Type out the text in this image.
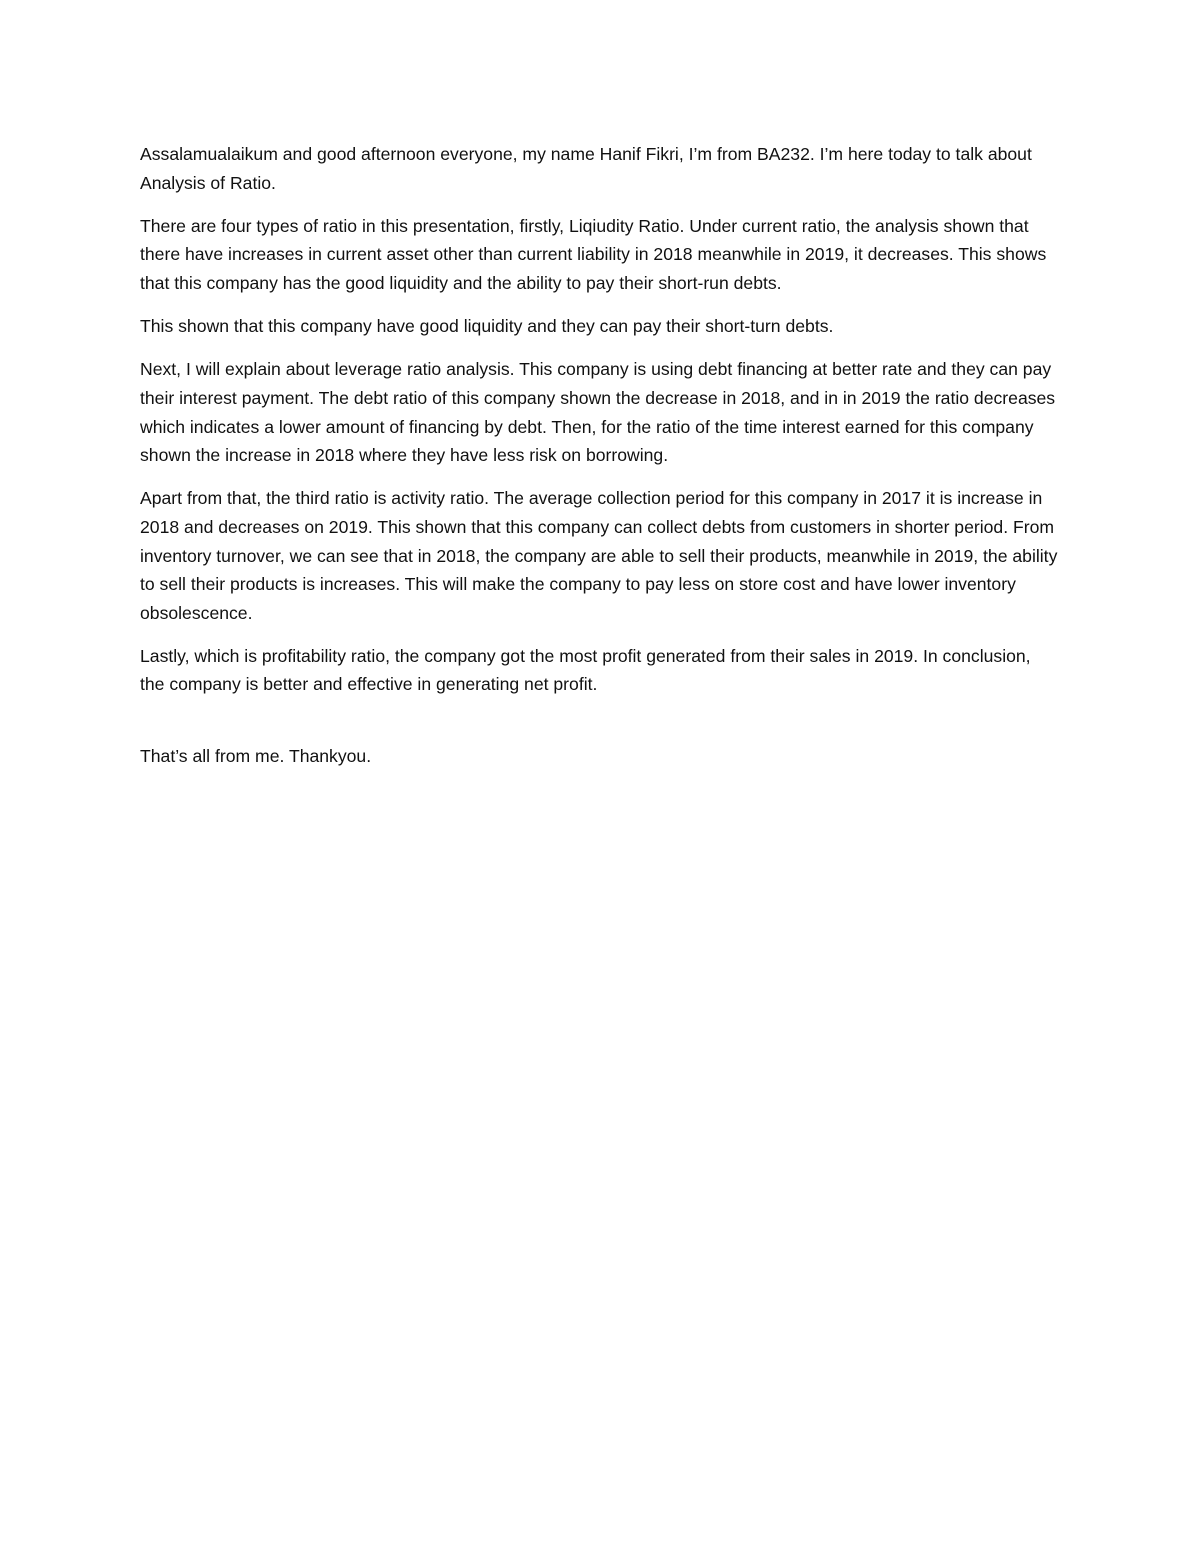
Assalamualaikum and good afternoon everyone, my name Hanif Fikri, I’m from BA232. I’m here today to talk about Analysis of Ratio.

There are four types of ratio in this presentation, firstly, Liqiudity Ratio. Under current ratio, the analysis shown that there have increases in current asset other than current liability in 2018 meanwhile in 2019, it decreases. This shows that this company has the good liquidity and the ability to pay their short-run debts.

This shown that this company have good liquidity and they can pay their short-turn debts.

Next, I will explain about leverage ratio analysis. This company is using debt financing at better rate and they can pay their interest payment. The debt ratio of this company shown the decrease in 2018, and in in 2019 the ratio decreases which indicates a lower amount of financing by debt. Then, for the ratio of the time interest earned for this company shown the increase in 2018 where they have less risk on borrowing.

Apart from that, the third ratio is activity ratio. The average collection period for this company in 2017 it is increase in 2018 and decreases on 2019. This shown that this company can collect debts from customers in shorter period. From inventory turnover, we can see that in 2018, the company are able to sell their products, meanwhile in 2019, the ability to sell their products is increases. This will make the company to pay less on store cost and have lower inventory obsolescence.

Lastly, which is profitability ratio, the company got the most profit generated from their sales in 2019. In conclusion, the company is better and effective in generating net profit.

That’s all from me. Thankyou.
